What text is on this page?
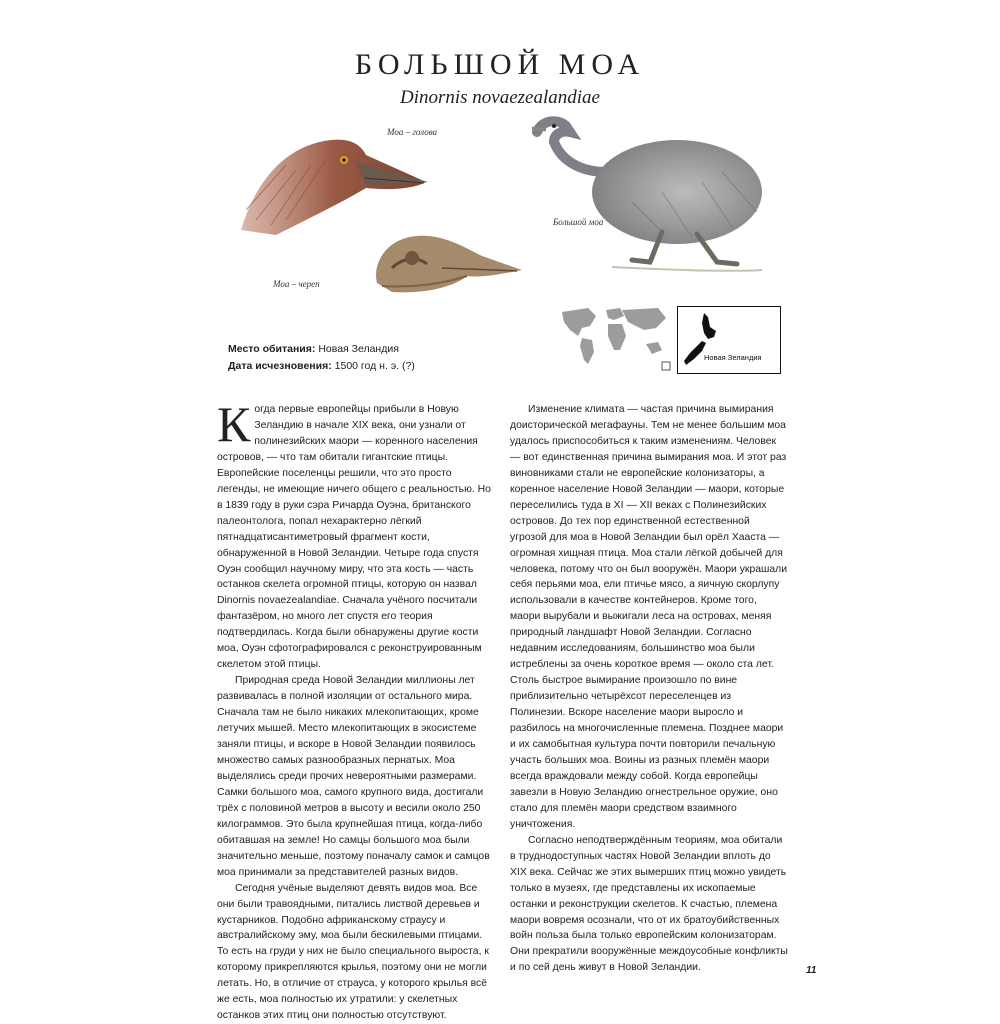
БОЛЬШОЙ МОА
Dinornis novaezealandiae
Моа – голова
Моа – череп
Большой моа
Новая Зеландия
Место обитания: Новая Зеландия
Дата исчезновения: 1500 год н. э. (?)

Когда первые европейцы прибыли в Новую Зеландию в начале XIX века, они узнали от полинезийских маори — коренного населения островов, — что там обитали гигантские птицы. Европейские поселенцы решили, что это просто легенды, не имеющие ничего общего с реальностью. Но в 1839 году в руки сэра Ричарда Оуэна, британского палеонтолога, попал нехарактерно лёгкий пятнадцатисантиметровый фрагмент кости, обнаруженной в Новой Зеландии. Четыре года спустя Оуэн сообщил научному миру, что эта кость — часть останков скелета огромной птицы, которую он назвал Dinornis novaezealandiae. Сначала учёного посчитали фантазёром, но много лет спустя его теория подтвердилась. Когда были обнаружены другие кости моа, Оуэн сфотографировался с реконструированным скелетом этой птицы.

Природная среда Новой Зеландии миллионы лет развивалась в полной изоляции от остального мира. Сначала там не было никаких млекопитающих, кроме летучих мышей. Место млекопитающих в экосистеме заняли птицы, и вскоре в Новой Зеландии появилось множество самых разнообразных пернатых. Моа выделялись среди прочих невероятными размерами. Самки большого моа, самого крупного вида, достигали трёх с половиной метров в высоту и весили около 250 килограммов. Это была крупнейшая птица, когда-либо обитавшая на земле! Но самцы большого моа были значительно меньше, поэтому поначалу самок и самцов моа принимали за представителей разных видов.

Сегодня учёные выделяют девять видов моа. Все они были травоядными, питались листвой деревьев и кустарников. Подобно африканскому страусу и австралийскому эму, моа были бескилевыми птицами. То есть на груди у них не было специального выроста, к которому прикрепляются крылья, поэтому они не могли летать. Но, в отличие от страуса, у которого крылья всё же есть, моа полностью их утратили: у скелетных останков этих птиц они полностью отсутствуют.

Изменение климата — частая причина вымирания доисторической мегафауны. Тем не менее большим моа удалось приспособиться к таким изменениям. Человек — вот единственная причина вымирания моа. И этот раз виновниками стали не европейские колонизаторы, а коренное население Новой Зеландии — маори, которые переселились туда в XI — XII веках с Полинезийских островов. До тех пор единственной естественной угрозой для моа в Новой Зеландии был орёл Хааста — огромная хищная птица. Моа стали лёгкой добычей для человека, потому что он был вооружён. Маори украшали себя перьями моа, ели птичье мясо, а яичную скорлупу использовали в качестве контейнеров. Кроме того, маори вырубали и выжигали леса на островах, меняя природный ландшафт Новой Зеландии. Согласно недавним исследованиям, большинство моа были истреблены за очень короткое время — около ста лет. Столь быстрое вымирание произошло по вине приблизительно четырёхсот переселенцев из Полинезии. Вскоре население маори выросло и разбилось на многочисленные племена. Позднее маори и их самобытная культура почти повторили печальную участь больших моа. Воины из разных племён маори всегда враждовали между собой. Когда европейцы завезли в Новую Зеландию огнестрельное оружие, оно стало для племён маори средством взаимного уничтожения.

Согласно неподтверждённым теориям, моа обитали в труднодоступных частях Новой Зеландии вплоть до XIX века. Сейчас же этих вымерших птиц можно увидеть только в музеях, где представлены их ископаемые останки и реконструкции скелетов. К счастью, племена маори вовремя осознали, что от их братоубийственных войн польза была только европейским колонизаторам. Они прекратили вооружённые междоусобные конфликты и по сей день живут в Новой Зеландии.	11
